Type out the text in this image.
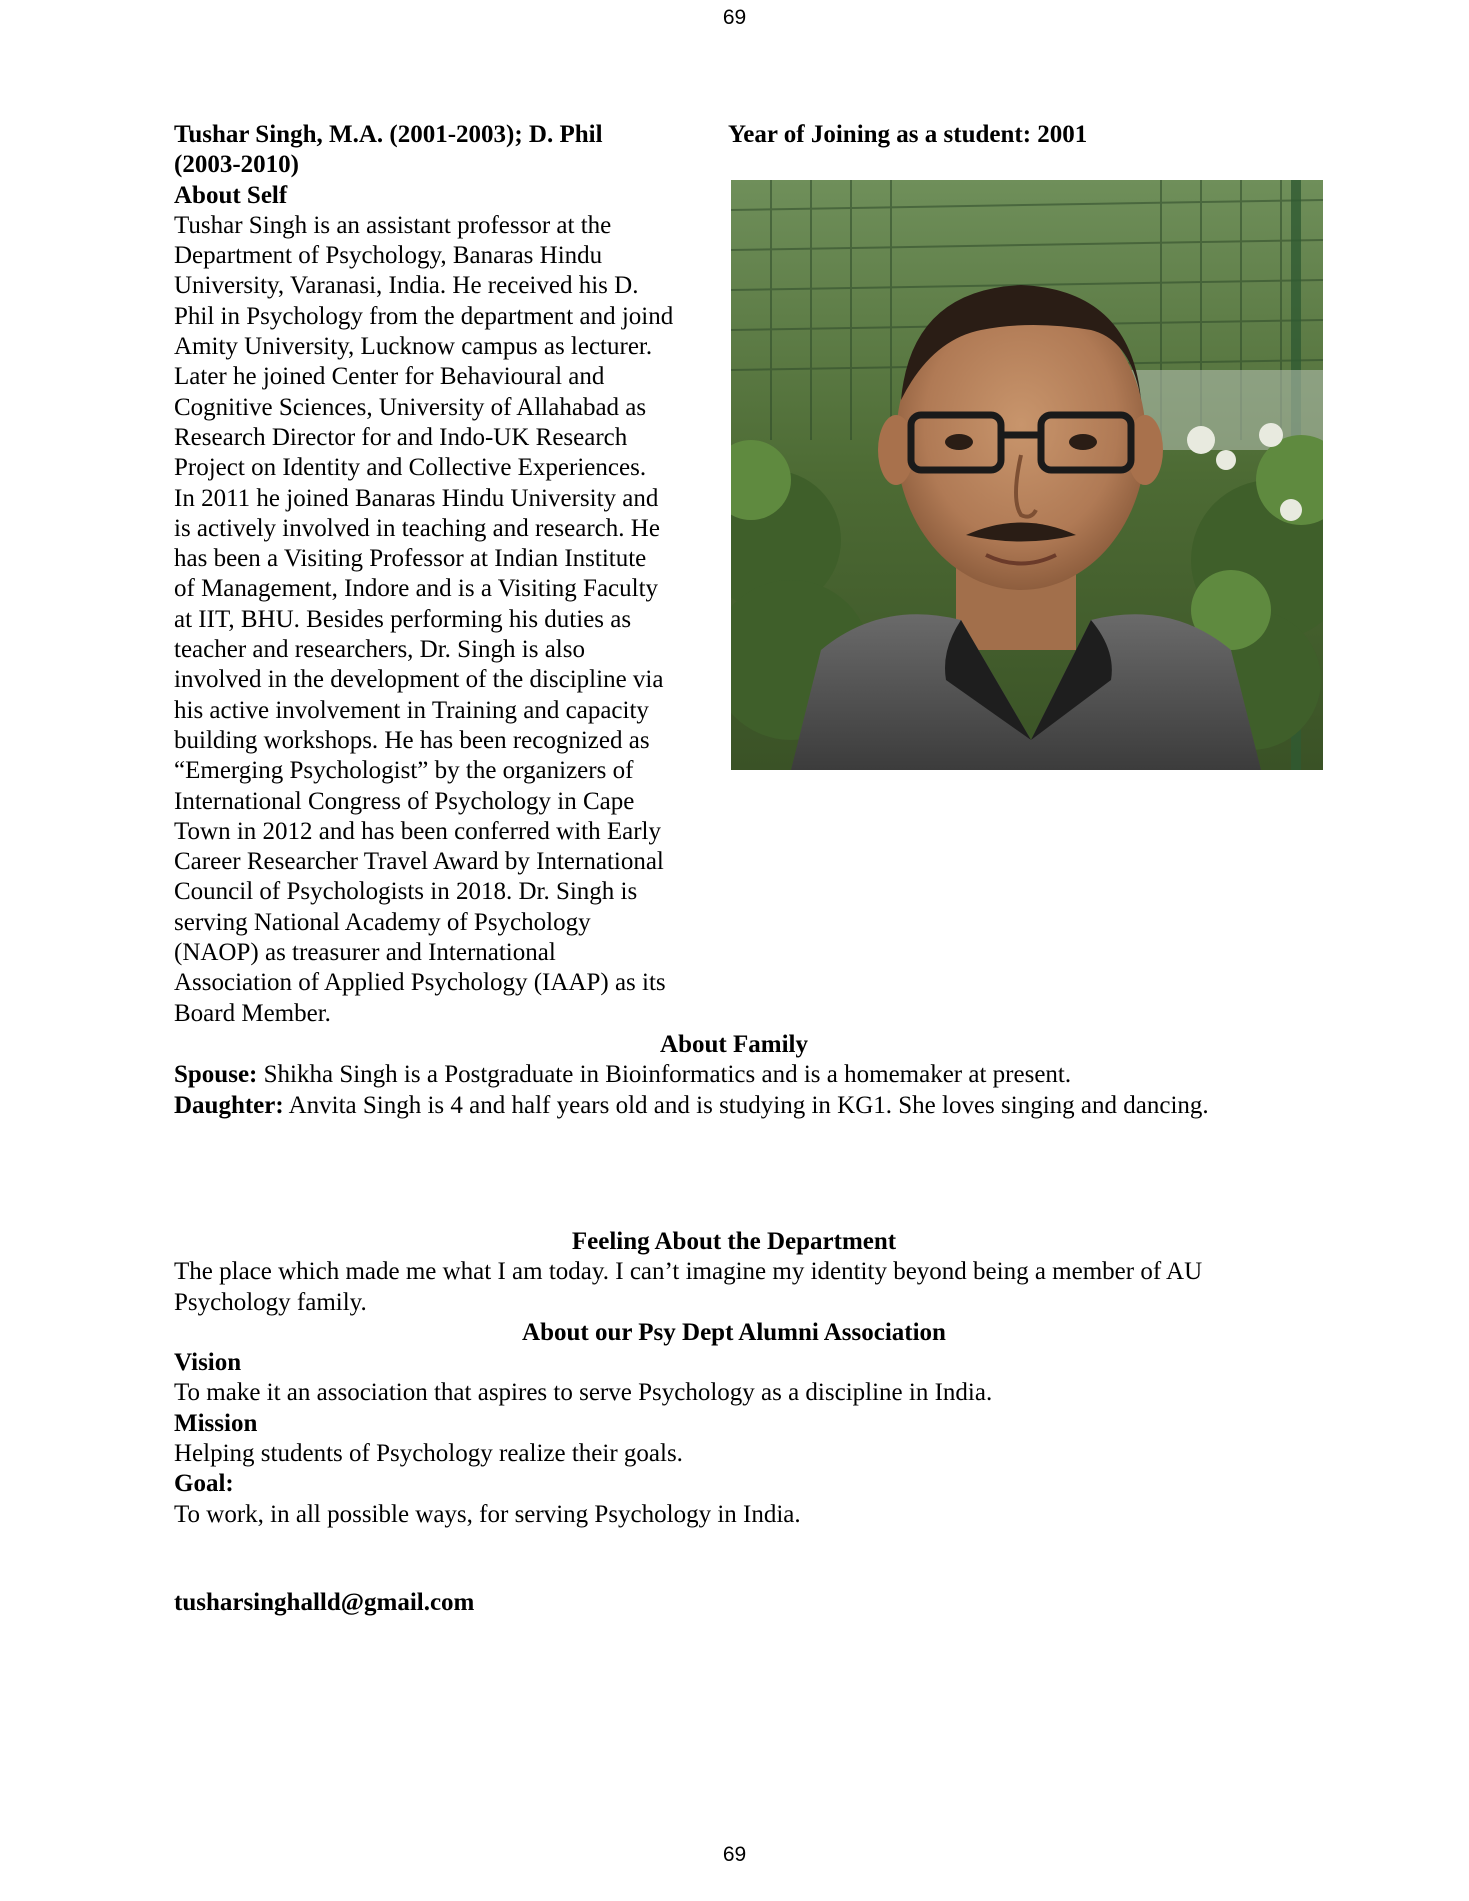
69
Tushar Singh, M.A. (2001-2003); D. Phil
(2003-2010)
About Self

Tushar Singh is an assistant professor at the

Department of Psychology, Banaras Hindu

University, Varanasi, India. He received his D.

Phil in Psychology from the department and joind

Amity University, Lucknow campus as lecturer.

Later he joined Center for Behavioural and

Cognitive Sciences, University of Allahabad as

Research Director for and Indo-UK Research

Project on Identity and Collective Experiences.

In 2011 he joined Banaras Hindu University and

is actively involved in teaching and research. He

has been a Visiting Professor at Indian Institute

of Management, Indore and is a Visiting Faculty

at IIT, BHU. Besides performing his duties as

teacher and researchers, Dr. Singh is also

involved in the development of the discipline via

his active involvement in Training and capacity

building workshops. He has been recognized as

“Emerging Psychologist” by the organizers of

International Congress of Psychology in Cape

Town in 2012 and has been conferred with Early

Career Researcher Travel Award by International

Council of Psychologists in 2018. Dr. Singh is

serving National Academy of Psychology

(NAOP) as treasurer and International

Association of Applied Psychology (IAAP) as its

Board Member.

Year of Joining as a student: 2001
About Family

Spouse: Shikha Singh is a Postgraduate in Bioinformatics and is a homemaker at present.

Daughter: Anvita Singh is 4 and half years old and is studying in KG1. She loves singing and dancing.

Feeling About the Department

The place which made me what I am today. I can’t imagine my identity beyond being a member of AU

Psychology family.

About our Psy Dept Alumni Association
Vision

To make it an association that aspires to serve Psychology as a discipline in India.

Mission

Helping students of Psychology realize their goals.

Goal:

To work, in all possible ways, for serving Psychology in India.

tusharsinghalld@gmail.com
69
